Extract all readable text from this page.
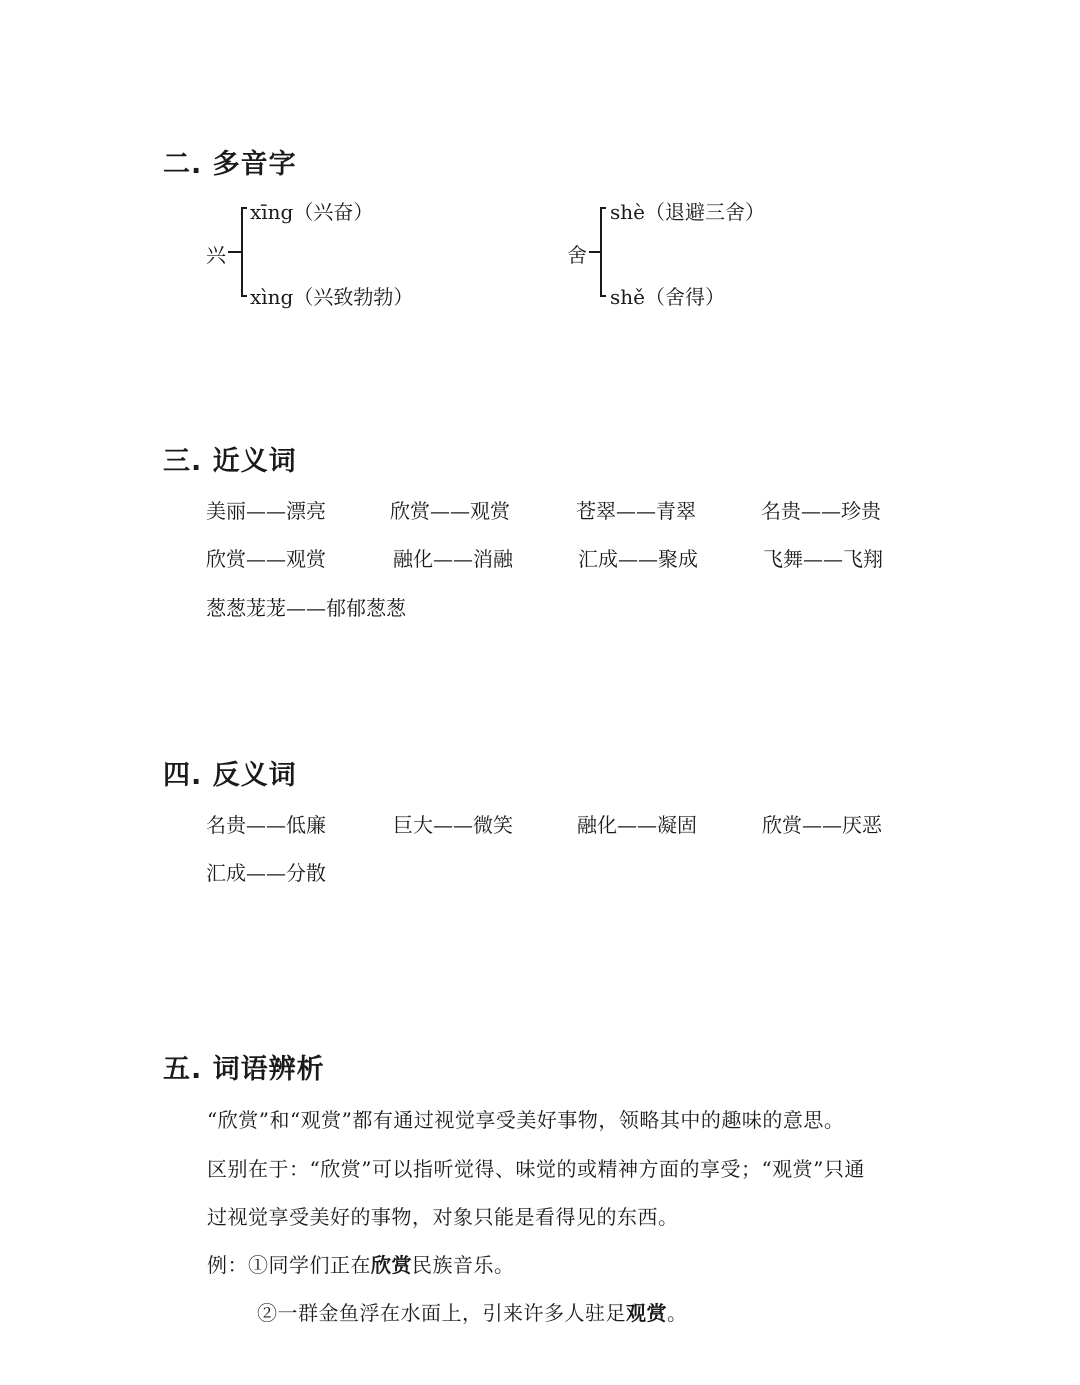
二. 多音字
兴
xīng（兴奋）
xìng（兴致勃勃）
舍
shè（退避三舍）
shě（舍得）
三. 近义词
美丽——漂亮	欣赏——观赏	苍翠——青翠	名贵——珍贵
欣赏——观赏	融化——消融	汇成——聚成	飞舞——飞翔
葱葱茏茏——郁郁葱葱
四. 反义词
名贵——低廉	巨大——微笑	融化——凝固	欣赏——厌恶
汇成——分散
五. 词语辨析
“欣赏”和“观赏”都有通过视觉享受美好事物，领略其中的趣味的意思。
区别在于：“欣赏”可以指听觉得、味觉的或精神方面的享受；“观赏”只通
过视觉享受美好的事物，对象只能是看得见的东西。
例：①同学们正在欣赏民族音乐。
②一群金鱼浮在水面上，引来许多人驻足观赏。
